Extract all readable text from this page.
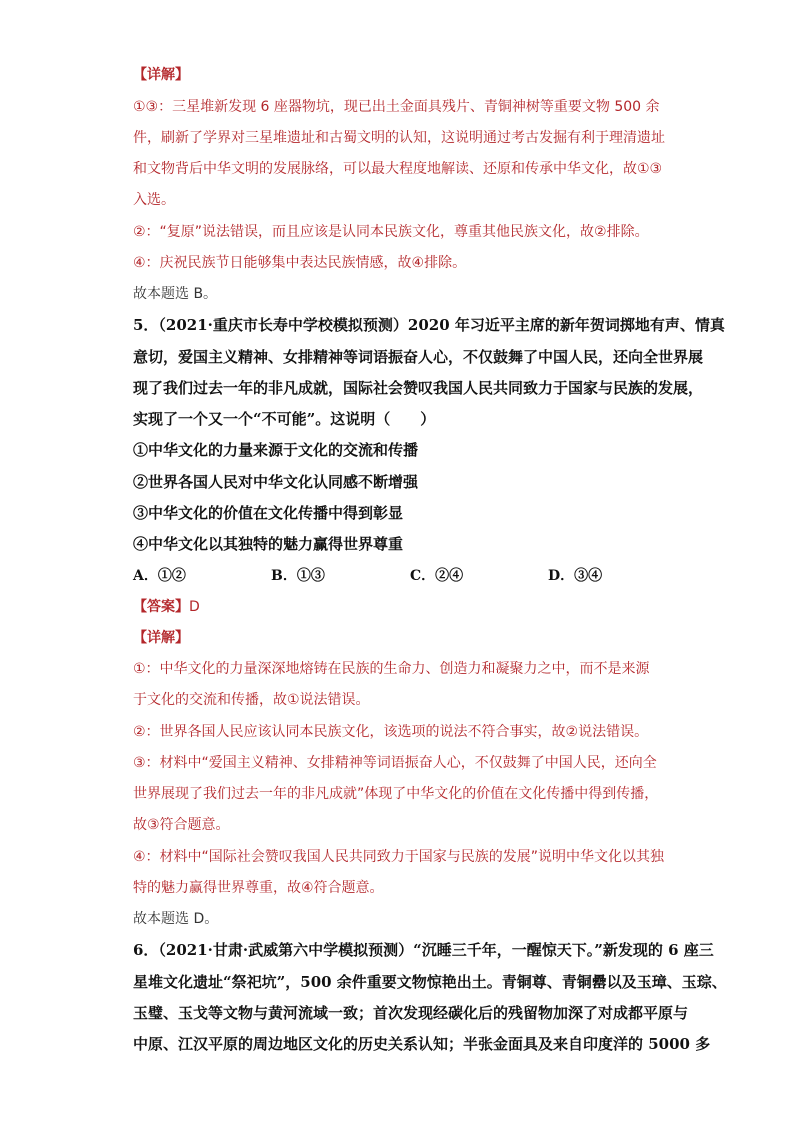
【详解】
①③：三星堆新发现 6 座器物坑，现已出土金面具残片、青铜神树等重要文物 500 余
件，刷新了学界对三星堆遗址和古蜀文明的认知，这说明通过考古发掘有利于理清遗址
和文物背后中华文明的发展脉络，可以最大程度地解读、还原和传承中华文化，故①③
入选。
②：“复原”说法错误，而且应该是认同本民族文化，尊重其他民族文化，故②排除。
④：庆祝民族节日能够集中表达民族情感，故④排除。
故本题选 B。
5．（2021·重庆市长寿中学校模拟预测）2020 年习近平主席的新年贺词掷地有声、情真
意切，爱国主义精神、女排精神等词语振奋人心，不仅鼓舞了中国人民，还向全世界展
现了我们过去一年的非凡成就，国际社会赞叹我国人民共同致力于国家与民族的发展，
实现了一个又一个“不可能”。这说明（　　）
①中华文化的力量来源于文化的交流和传播
②世界各国人民对中华文化认同感不断增强
③中华文化的价值在文化传播中得到彰显
④中华文化以其独特的魅力赢得世界尊重
A．①②	B．①③	C．②④	D．③④
【答案】D
【详解】
①：中华文化的力量深深地熔铸在民族的生命力、创造力和凝聚力之中，而不是来源
于文化的交流和传播，故①说法错误。
②：世界各国人民应该认同本民族文化，该选项的说法不符合事实，故②说法错误。
③：材料中“爱国主义精神、女排精神等词语振奋人心，不仅鼓舞了中国人民，还向全
世界展现了我们过去一年的非凡成就”体现了中华文化的价值在文化传播中得到传播，
故③符合题意。
④：材料中“国际社会赞叹我国人民共同致力于国家与民族的发展”说明中华文化以其独
特的魅力赢得世界尊重，故④符合题意。
故本题选 D。
6．（2021·甘肃·武威第六中学模拟预测）“沉睡三千年，一醒惊天下。”新发现的 6 座三
星堆文化遗址“祭祀坑”，500 余件重要文物惊艳出土。青铜尊、青铜罍以及玉璋、玉琮、
玉璧、玉戈等文物与黄河流域一致；首次发现经碳化后的残留物加深了对成都平原与
中原、江汉平原的周边地区文化的历史关系认知；半张金面具及来自印度洋的 5000 多
